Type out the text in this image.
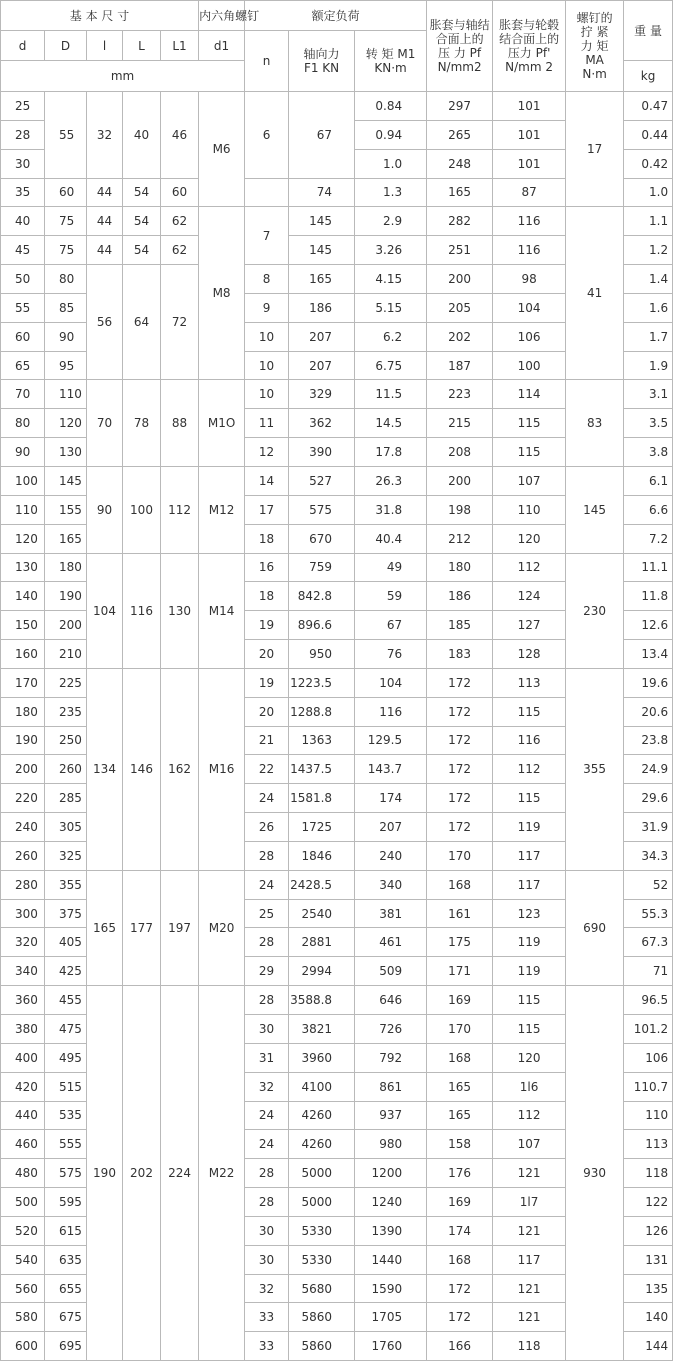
基 本 尺 寸					内六角螺钉	额定负荷			胀套与轴结合面上的 压 力 Pf N/mm2	胀套与轮毂结合面上的压力 Pf' N/mm 2	螺钉的 拧 紧 力 矩 MA N·m	重 量
d	D	l	L	L1	d1	n	轴向力 F1 KN	转 矩 M1 KN·m				
mm												kg
25	55	32	40	46	M6	6	67	0.84	297	101	17	0.47
28								0.94	265	101		0.44
30								1.0	248	101		0.42
35	60	44	54	60			74	1.3	165	87		1.0
40	75	44	54	62	M8	7	145	2.9	282	116	41	1.1
45	75	44	54	62			145	3.26	251	116		1.2
50	80	56	64	72		8	165	4.15	200	98		1.4
55	85					9	186	5.15	205	104		1.6
60	90					10	207	6.2	202	106		1.7
65	95					10	207	6.75	187	100		1.9
70	110	70	78	88	M1O	10	329	11.5	223	114	83	3.1
80	120					11	362	14.5	215	115		3.5
90	130					12	390	17.8	208	115		3.8
100	145	90	100	112	M12	14	527	26.3	200	107	145	6.1
110	155					17	575	31.8	198	110		6.6
120	165					18	670	40.4	212	120		7.2
130	180	104	116	130	M14	16	759	49	180	112	230	11.1
140	190					18	842.8	59	186	124		11.8
150	200					19	896.6	67	185	127		12.6
160	210					20	950	76	183	128		13.4
170	225	134	146	162	M16	19	1223.5	104	172	113	355	19.6
180	235					20	1288.8	116	172	115		20.6
190	250					21	1363	129.5	172	116		23.8
200	260					22	1437.5	143.7	172	112		24.9
220	285					24	1581.8	174	172	115		29.6
240	305					26	1725	207	172	119		31.9
260	325					28	1846	240	170	117		34.3
280	355	165	177	197	M20	24	2428.5	340	168	117	690	52
300	375					25	2540	381	161	123		55.3
320	405					28	2881	461	175	119		67.3
340	425					29	2994	509	171	119		71
360	455	190	202	224	M22	28	3588.8	646	169	115	930	96.5
380	475					30	3821	726	170	115		101.2
400	495					31	3960	792	168	120		106
420	515					32	4100	861	165	1l6		110.7
440	535					24	4260	937	165	112		110
460	555					24	4260	980	158	107		113
480	575					28	5000	1200	176	121		118
500	595					28	5000	1240	169	1l7		122
520	615					30	5330	1390	174	121		126
540	635					30	5330	1440	168	117		131
560	655					32	5680	1590	172	121		135
580	675					33	5860	1705	172	121		140
600	695					33	5860	1760	166	118		144
